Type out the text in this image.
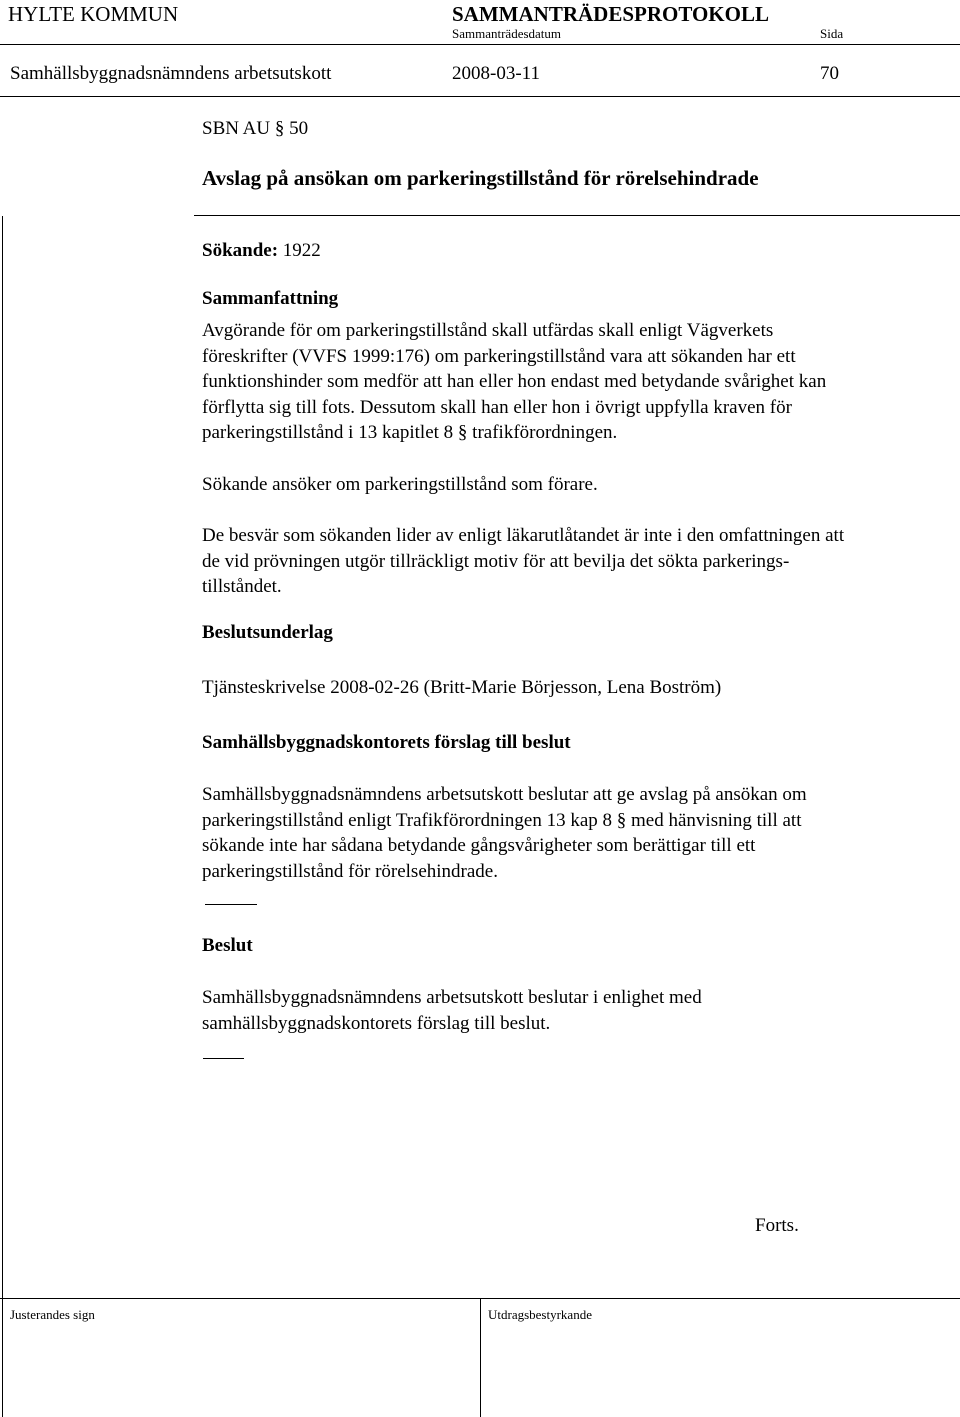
HYLTE KOMMUN	SAMMANTRÄDESPROTOKOLL
Sammanträdesdatum	Sida
Samhällsbyggnadsnämndens arbetsutskott	2008-03-11	70
SBN AU § 50
Avslag på ansökan om parkeringstillstånd för rörelsehindrade
Sökande: 1922
Sammanfattning
Avgörande för om parkeringstillstånd skall utfärdas skall enligt Vägverkets
föreskrifter (VVFS 1999:176) om parkeringstillstånd vara att sökanden har ett
funktionshinder som medför att han eller hon endast med betydande svårighet kan
förflytta sig till fots. Dessutom skall han eller hon i övrigt uppfylla kraven för
parkeringstillstånd i 13 kapitlet 8 § trafikförordningen.
Sökande ansöker om parkeringstillstånd som förare.
De besvär som sökanden lider av enligt läkarutlåtandet är inte i den omfattningen att
de vid prövningen utgör tillräckligt motiv för att bevilja det sökta parkerings-
tillståndet.
Beslutsunderlag
Tjänsteskrivelse 2008-02-26 (Britt-Marie Börjesson, Lena Boström)
Samhällsbyggnadskontorets förslag till beslut
Samhällsbyggnadsnämndens arbetsutskott beslutar att ge avslag på ansökan om
parkeringstillstånd enligt Trafikförordningen 13 kap 8 § med hänvisning till att
sökande inte har sådana betydande gångsvårigheter som berättigar till ett
parkeringstillstånd för rörelsehindrade.
Beslut
Samhällsbyggnadsnämndens arbetsutskott beslutar i enlighet med
samhällsbyggnadskontorets förslag till beslut.
Forts.
Justerandes sign	Utdragsbestyrkande
